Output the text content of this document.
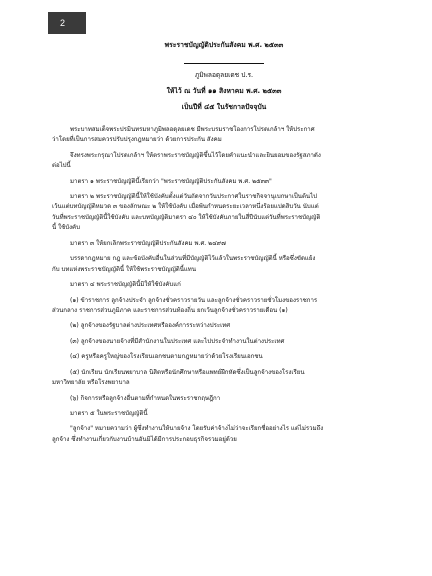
2
พระราชบัญญัติประกันสังคม พ.ศ. ๒๕๓๓
ภูมิพลอดุลยเดช ป.ร.
ให้ไว้ ณ วันที่ ๑๑ สิงหาคม พ.ศ. ๒๕๓๓
เป็นปีที่ ๔๕ ในรัชกาลปัจจุบัน

พระบาทสมเด็จพระปรมินทรมหาภูมิพลอดุลยเดช มีพระบรมราชโองการโปรดเกล้าฯ ให้ประกาศ

ว่าโดยที่เป็นการสมควรปรับปรุงกฎหมายว่า ด้วยการประกัน สังคม

จึงทรงพระกรุณาโปรดเกล้าฯ ให้ตราพระราชบัญญัติขึ้นไว้โดยคำแนะนำและยินยอมของรัฐสภาดัง

ต่อไปนี้

มาตรา ๑ พระราชบัญญัตินี้เรียกว่า "พระราชบัญญัติประกันสังคม พ.ศ. ๒๕๓๓"

มาตรา ๒ พระราชบัญญัตินี้ให้ใช้บังคับตั้งแต่วันถัดจากวันประกาศในราชกิจจานุเบกษาเป็นต้นไป

เว้นแต่บทบัญญัติหมวด ๓ ของลักษณะ ๒ ให้ใช้บังคับ เมื่อพ้นกำหนดระยะเวลาหนึ่งร้อยแปดสิบวัน นับแต่

วันที่พระราชบัญญัตินี้ใช้บังคับ และบทบัญญัติมาตรา ๔๐ ให้ใช้บังคับภายในสี่ปีนับแต่วันที่พระราชบัญญัติ

นี้ ใช้บังคับ

มาตรา ๓ ให้ยกเลิกพระราชบัญญัติประกันสังคม พ.ศ. ๒๔๙๗

บรรดากฎหมาย กฎ และข้อบังคับอื่นในส่วนที่มีบัญญัติไว้แล้วในพระราชบัญญัตินี้ หรือซึ่งขัดแย้ง

กับ บทแห่งพระราชบัญญัตินี้ ให้ใช้พระราชบัญญัตินี้แทน

มาตรา ๔ พระราชบัญญัตินี้มิให้ใช้บังคับแก่

(๑) ข้าราชการ ลูกจ้างประจำ ลูกจ้างชั่วคราวรายวัน และลูกจ้างชั่วคราวรายชั่วโมงของราชการ

ส่วนกลาง ราชการส่วนภูมิภาค และราชการส่วนท้องถิ่น ยกเว้นลูกจ้างชั่วคราวรายเดือน (๑)

(๒) ลูกจ้างของรัฐบาลต่างประเทศหรือองค์การระหว่างประเทศ

(๓) ลูกจ้างของนายจ้างที่มีสำนักงานในประเทศ และไปประจำทำงานในต่างประเทศ

(๔) ครูหรือครูใหญ่ของโรงเรียนเอกชนตามกฎหมายว่าด้วยโรงเรียนเอกชน

(๕) นักเรียน นักเรียนพยาบาล นิสิตหรือนักศึกษาหรือแพทย์ฝึกหัดซึ่งเป็นลูกจ้างของโรงเรียน

มหาวิทยาลัย หรือโรงพยาบาล

(๖) กิจการหรือลูกจ้างอื่นตามที่กำหนดในพระราชกฤษฎีกา

มาตรา ๕ ในพระราชบัญญัตินี้

"ลูกจ้าง" หมายความว่า ผู้ซึ่งทำงานให้นายจ้าง โดยรับค่าจ้างไม่ว่าจะเรียกชื่ออย่างไร แต่ไม่รวมถึง

ลูกจ้าง ซึ่งทำงานเกี่ยวกับงานบ้านอันมิได้มีการประกอบธุรกิจรวมอยู่ด้วย
